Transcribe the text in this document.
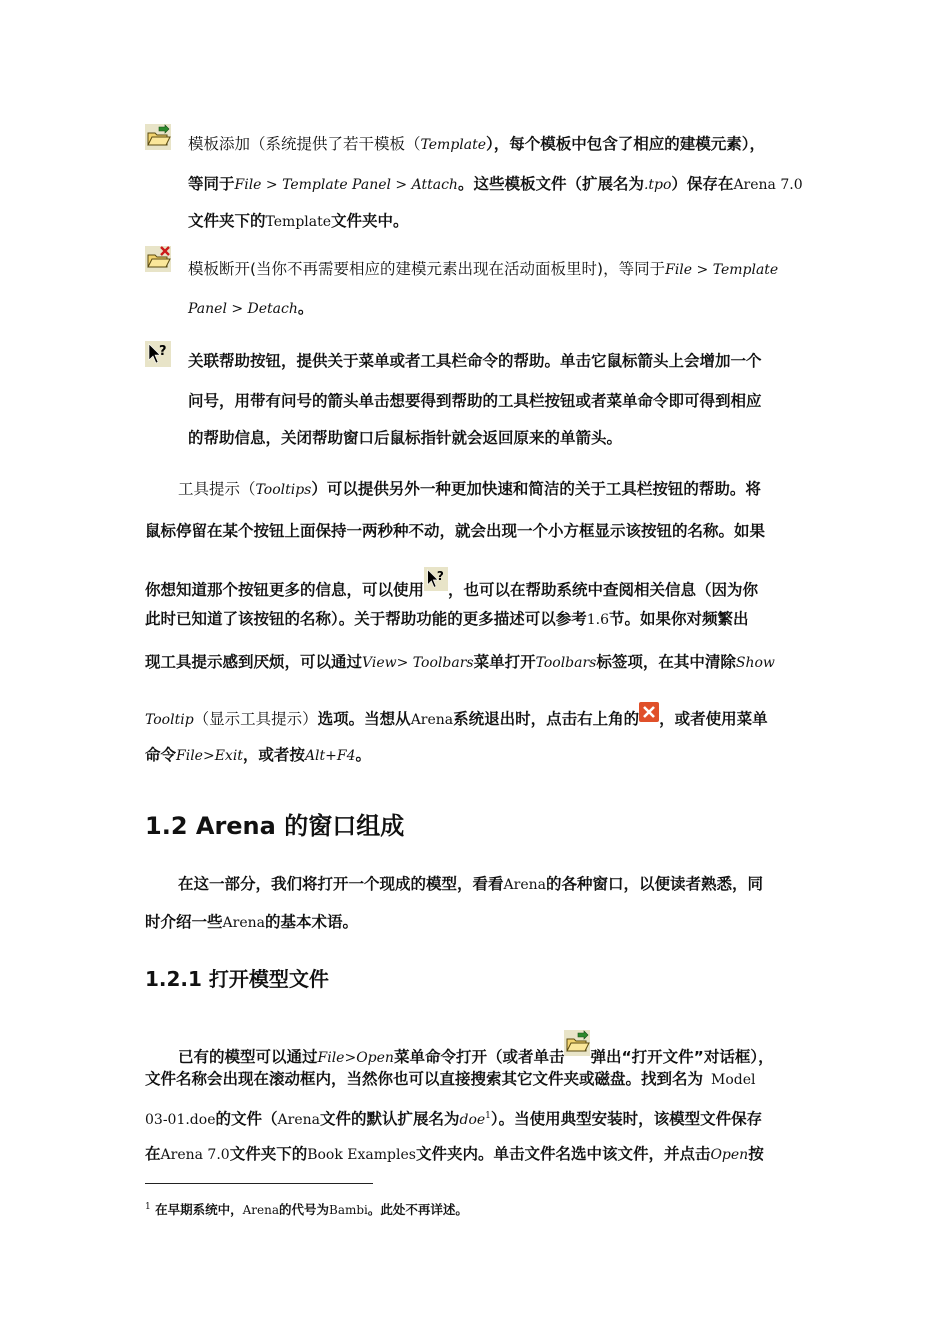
模板添加（系统提供了若干模板（Template），每个模板中包含了相应的建模元素），
等同于File > Template Panel > Attach。这些模板文件（扩展名为.tpo）保存在Arena 7.0
文件夹下的Template文件夹中。
模板断开(当你不再需要相应的建模元素出现在活动面板里时)，等同于File > Template
Panel > Detach。
?
关联帮助按钮，提供关于菜单或者工具栏命令的帮助。单击它鼠标箭头上会增加一个
问号，用带有问号的箭头单击想要得到帮助的工具栏按钮或者菜单命令即可得到相应
的帮助信息，关闭帮助窗口后鼠标指针就会返回原来的单箭头。
工具提示（Tooltips）可以提供另外一种更加快速和简洁的关于工具栏按钮的帮助。将
鼠标停留在某个按钮上面保持一两秒种不动，就会出现一个小方框显示该按钮的名称。如果
你想知道那个按钮更多的信息，可以使用
?
，也可以在帮助系统中查阅相关信息（因为你
此时已知道了该按钮的名称）。关于帮助功能的更多描述可以参考1.6节。如果你对频繁出
现工具提示感到厌烦，可以通过View> Toolbars菜单打开Toolbars标签项，在其中清除Show
Tooltip（显示工具提示）选项。当想从Arena系统退出时，点击右上角的 ，或者使用菜单
命令File>Exit，或者按Alt+F4。
1.2 Arena 的窗口组成
在这一部分，我们将打开一个现成的模型，看看Arena的各种窗口，以便读者熟悉，同
时介绍一些Arena的基本术语。
1.2.1 打开模型文件
已有的模型可以通过File>Open菜单命令打开（或者单击 弹出“打开文件”对话框），
文件名称会出现在滚动框内，当然你也可以直接搜索其它文件夹或磁盘。找到名为 Model
03-01.doe的文件（Arena文件的默认扩展名为doe$^1$）。当使用典型安装时，该模型文件保存
在Arena 7.0文件夹下的Book Examples文件夹内。单击文件名选中该文件，并点击Open按
$^1$ 在早期系统中，Arena的代号为Bambi。此处不再详述。
